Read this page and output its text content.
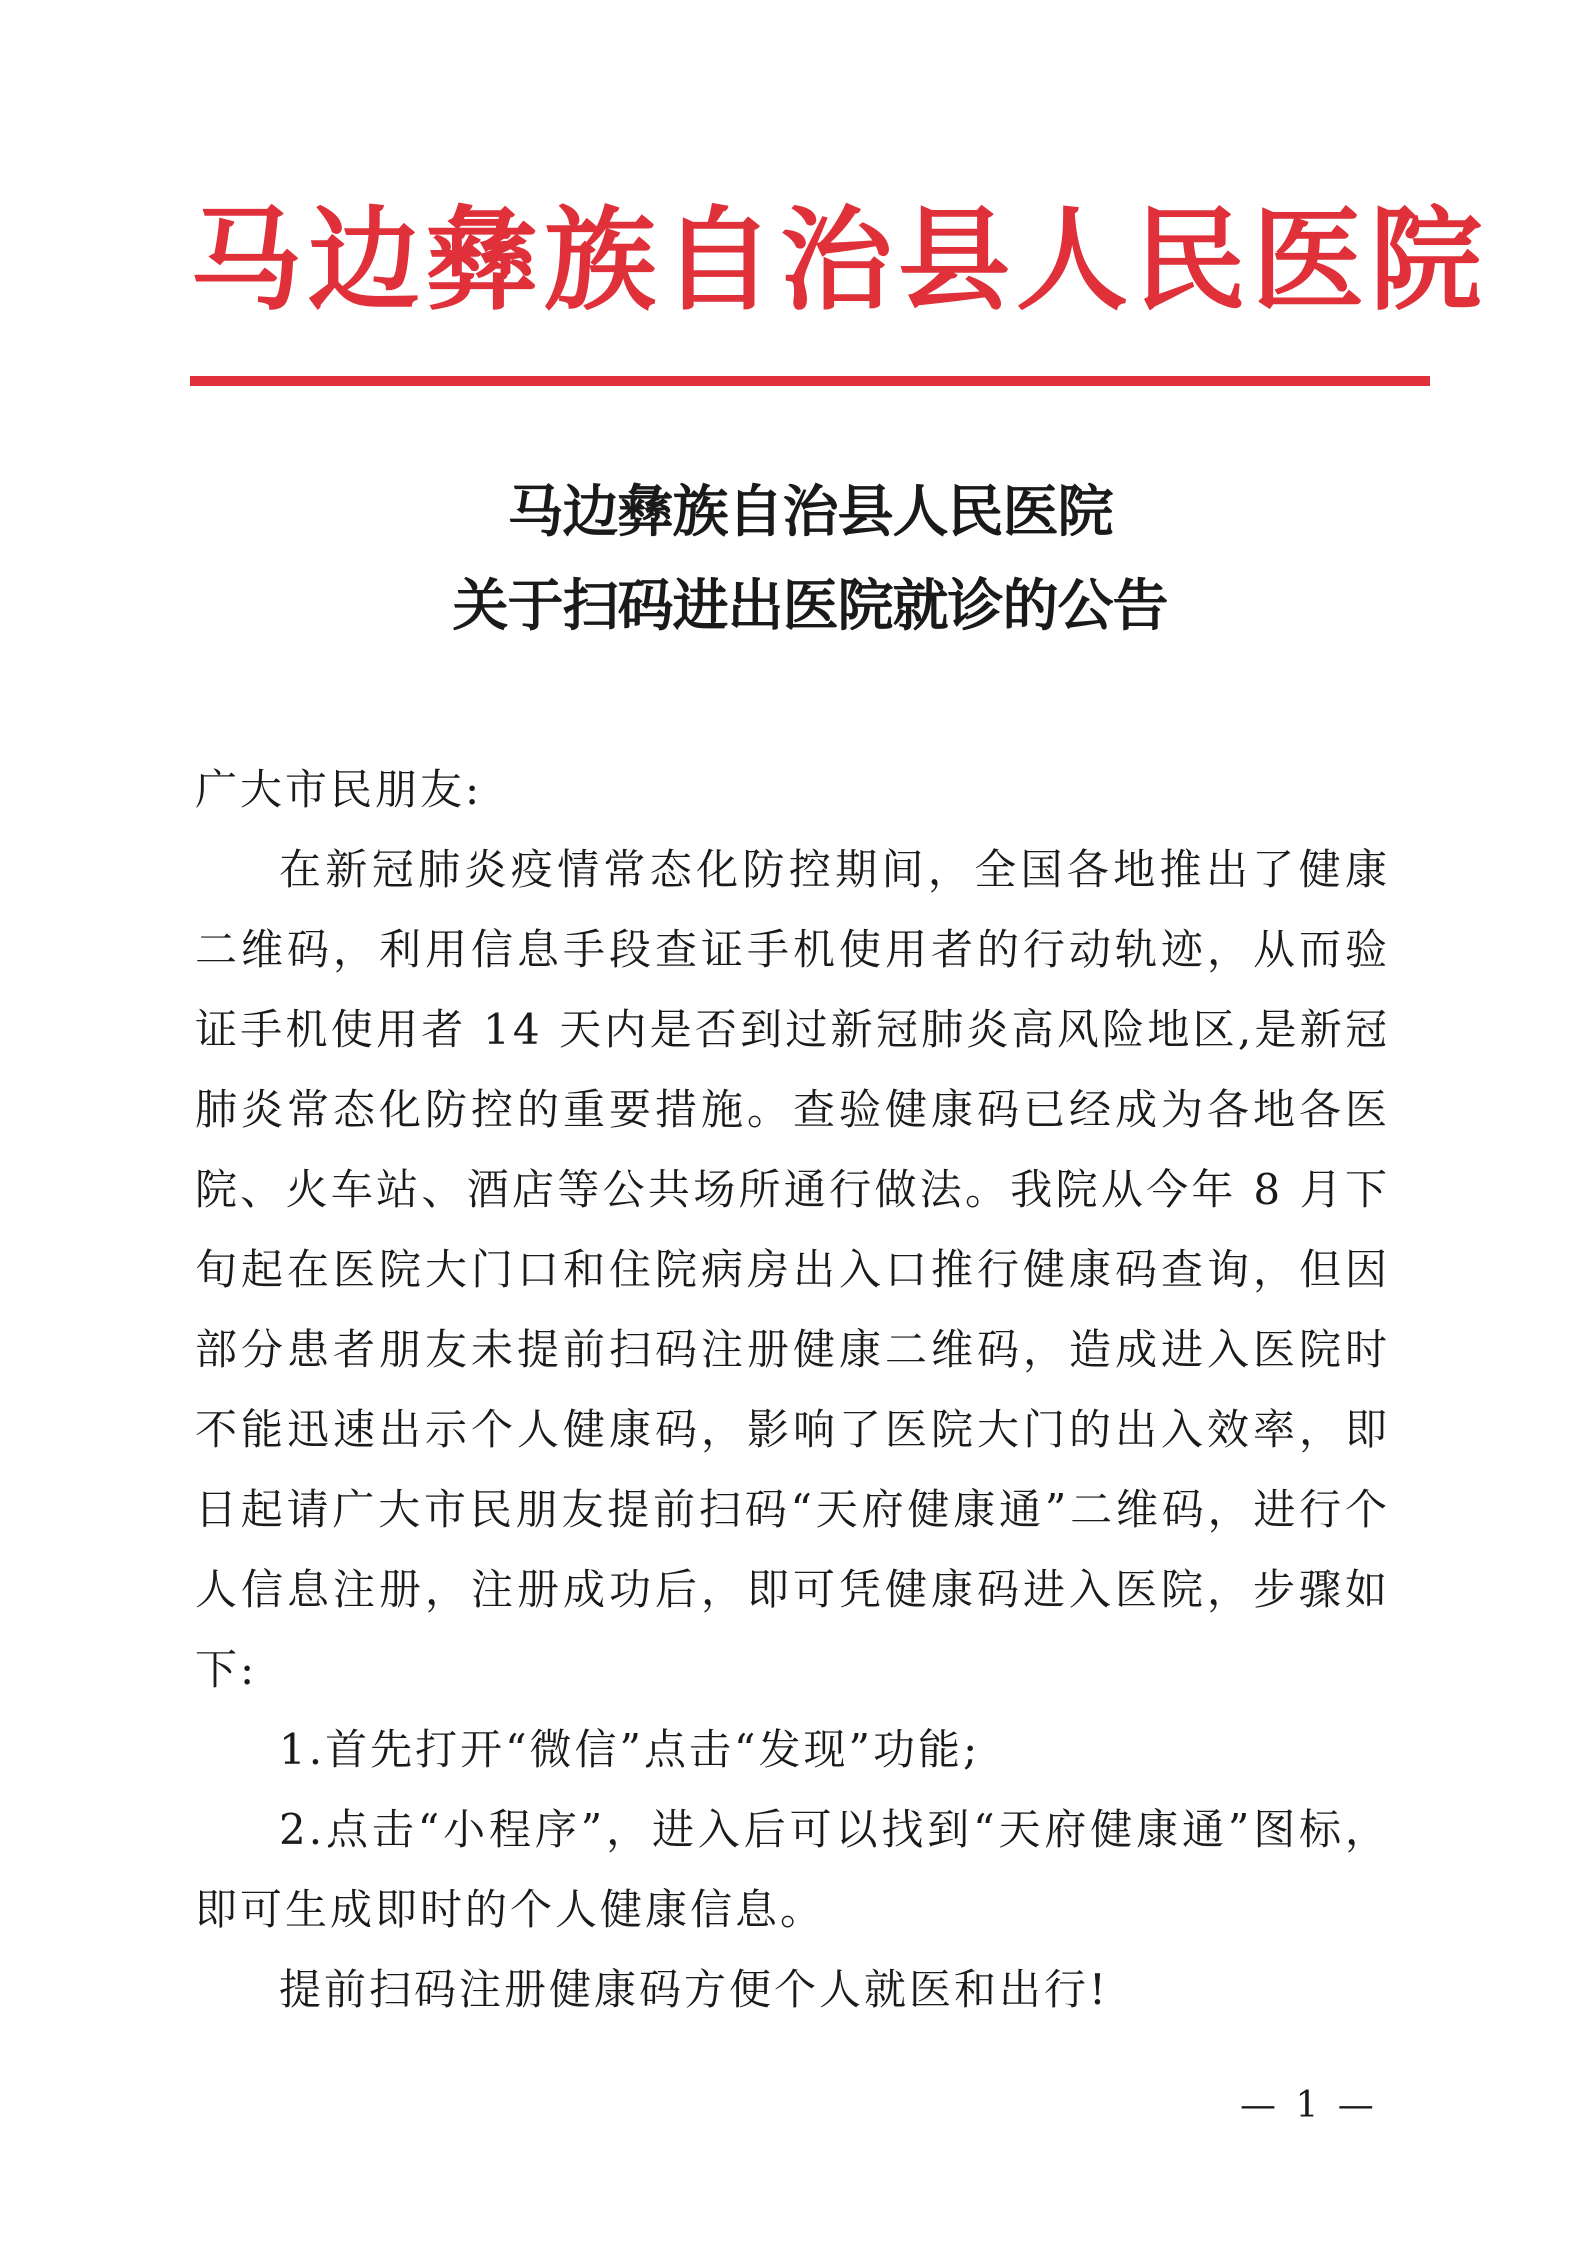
马边彝族自治县人民医院
马边彝族自治县人民医院
关于扫码进出医院就诊的公告

广大市民朋友:

在新冠肺炎疫情常态化防控期间，全国各地推出了健康二维码，利用信息手段查证手机使用者的行动轨迹，从而验证手机使用者 14 天内是否到过新冠肺炎高风险地区,是新冠肺炎常态化防控的重要措施。查验健康码已经成为各地各医院、火车站、酒店等公共场所通行做法。我院从今年 8 月下旬起在医院大门口和住院病房出入口推行健康码查询，但因部分患者朋友未提前扫码注册健康二维码，造成进入医院时不能迅速出示个人健康码，影响了医院大门的出入效率，即日起请广大市民朋友提前扫码“天府健康通”二维码，进行个人信息注册，注册成功后，即可凭健康码进入医院，步骤如下:

1.首先打开“微信”点击“发现”功能;

2.点击“小程序”，进入后可以找到“天府健康通”图标，即可生成即时的个人健康信息。

提前扫码注册健康码方便个人就医和出行!

— 1 —
